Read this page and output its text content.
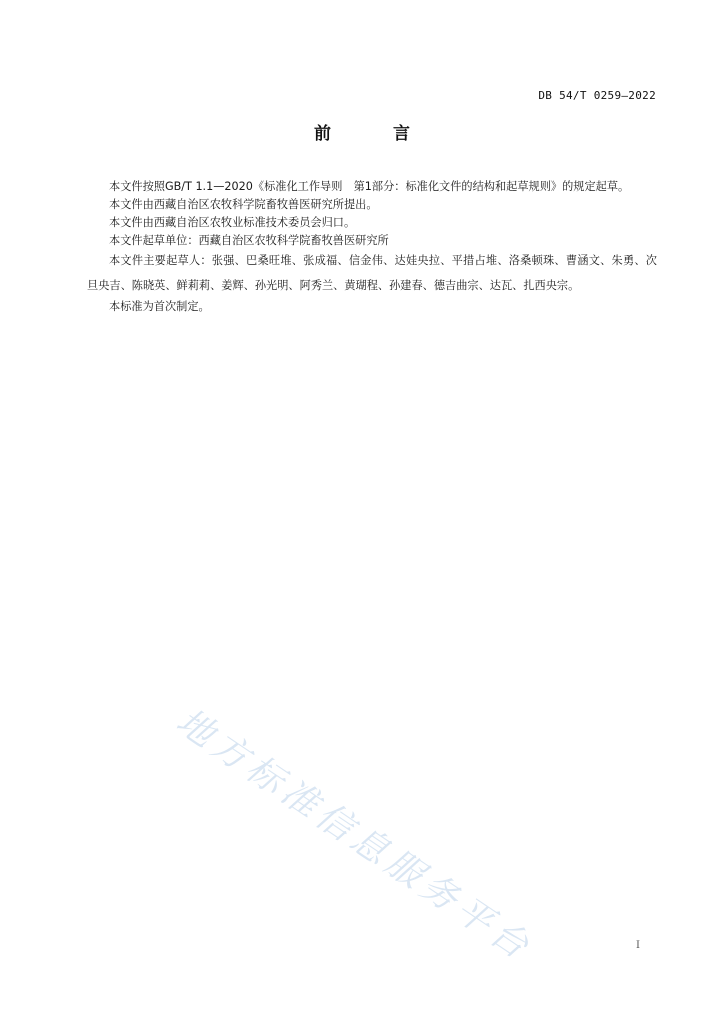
DB 54/T 0259—2022
前 言

本文件按照GB/T 1.1—2020《标准化工作导则　第1部分：标准化文件的结构和起草规则》的规定起草。

本文件由西藏自治区农牧科学院畜牧兽医研究所提出。

本文件由西藏自治区农牧业标准技术委员会归口。

本文件起草单位：西藏自治区农牧科学院畜牧兽医研究所

本文件主要起草人：张强、巴桑旺堆、张成福、信金伟、达娃央拉、平措占堆、洛桑顿珠、曹涵文、朱勇、次旦央吉、陈晓英、鲜莉莉、姜辉、孙光明、阿秀兰、黄瑚程、孙建春、德吉曲宗、达瓦、扎西央宗。

本标准为首次制定。

地方标准信息服务平台	I
